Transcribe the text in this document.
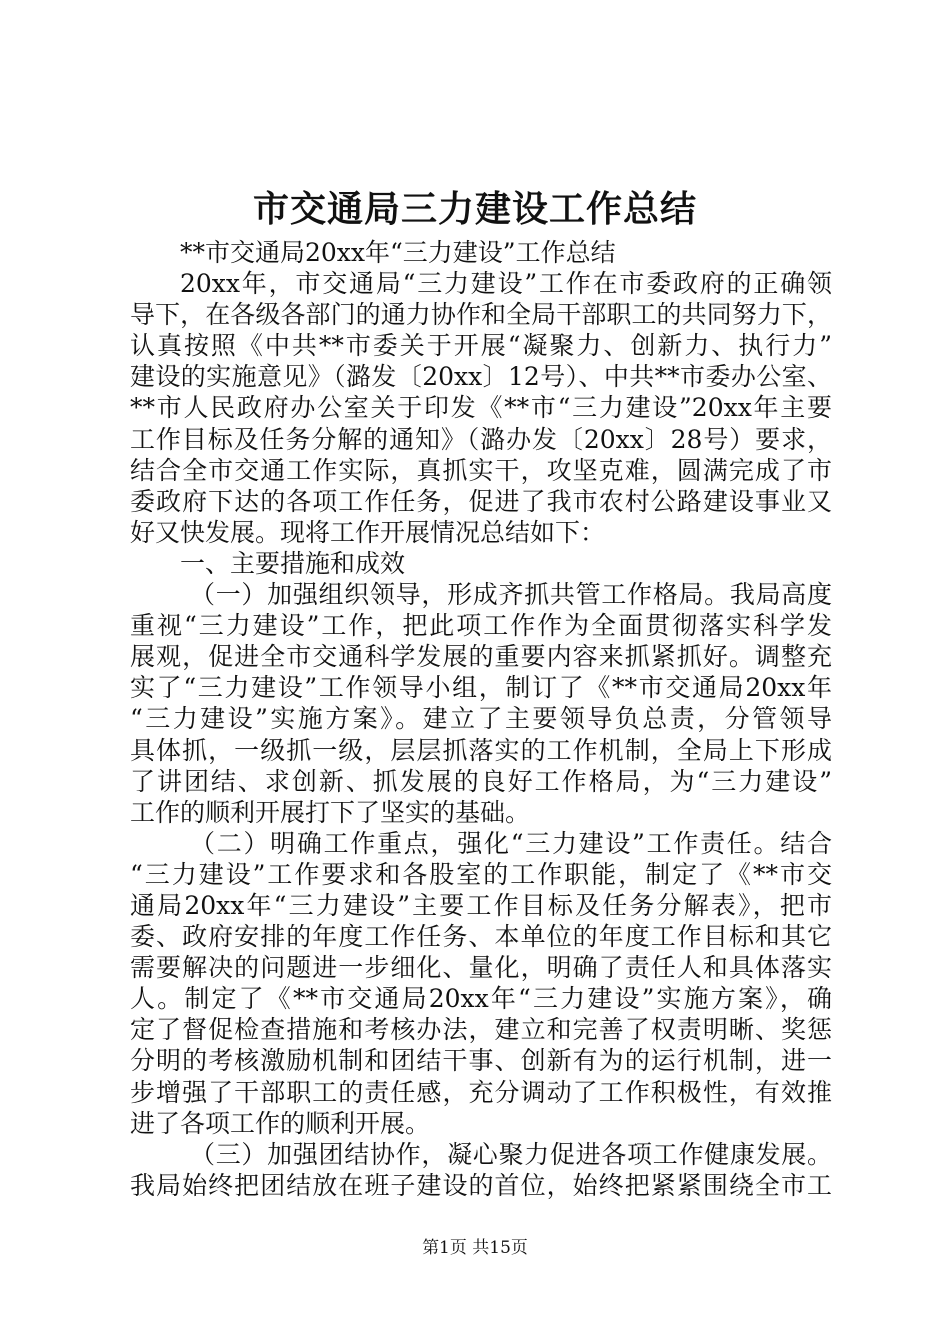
市交通局三力建设工作总结
**市交通局20xx年“三力建设”工作总结
20xx年，市交通局“三力建设”工作在市委政府的正确领
导下，在各级各部门的通力协作和全局干部职工的共同努力下，
认真按照《中共**市委关于开展“凝聚力、创新力、执行力”
建设的实施意见》（潞发〔20xx〕12号）、中共**市委办公室、
**市人民政府办公室关于印发《**市“三力建设”20xx年主要
工作目标及任务分解的通知》（潞办发〔20xx〕28号）要求，
结合全市交通工作实际，真抓实干，攻坚克难，圆满完成了市
委政府下达的各项工作任务，促进了我市农村公路建设事业又
好又快发展。现将工作开展情况总结如下：
一、主要措施和成效
（一）加强组织领导，形成齐抓共管工作格局。我局高度
重视“三力建设”工作，把此项工作作为全面贯彻落实科学发
展观，促进全市交通科学发展的重要内容来抓紧抓好。调整充
实了“三力建设”工作领导小组，制订了《**市交通局20xx年
“三力建设”实施方案》。建立了主要领导负总责，分管领导
具体抓，一级抓一级，层层抓落实的工作机制，全局上下形成
了讲团结、求创新、抓发展的良好工作格局，为“三力建设”
工作的顺利开展打下了坚实的基础。
（二）明确工作重点，强化“三力建设”工作责任。结合
“三力建设”工作要求和各股室的工作职能，制定了《**市交
通局20xx年“三力建设”主要工作目标及任务分解表》，把市
委、政府安排的年度工作任务、本单位的年度工作目标和其它
需要解决的问题进一步细化、量化，明确了责任人和具体落实
人。制定了《**市交通局20xx年“三力建设”实施方案》，确
定了督促检查措施和考核办法，建立和完善了权责明晰、奖惩
分明的考核激励机制和团结干事、创新有为的运行机制，进一
步增强了干部职工的责任感，充分调动了工作积极性，有效推
进了各项工作的顺利开展。
（三）加强团结协作，凝心聚力促进各项工作健康发展。
我局始终把团结放在班子建设的首位，始终把紧紧围绕全市工
第1页 共15页
